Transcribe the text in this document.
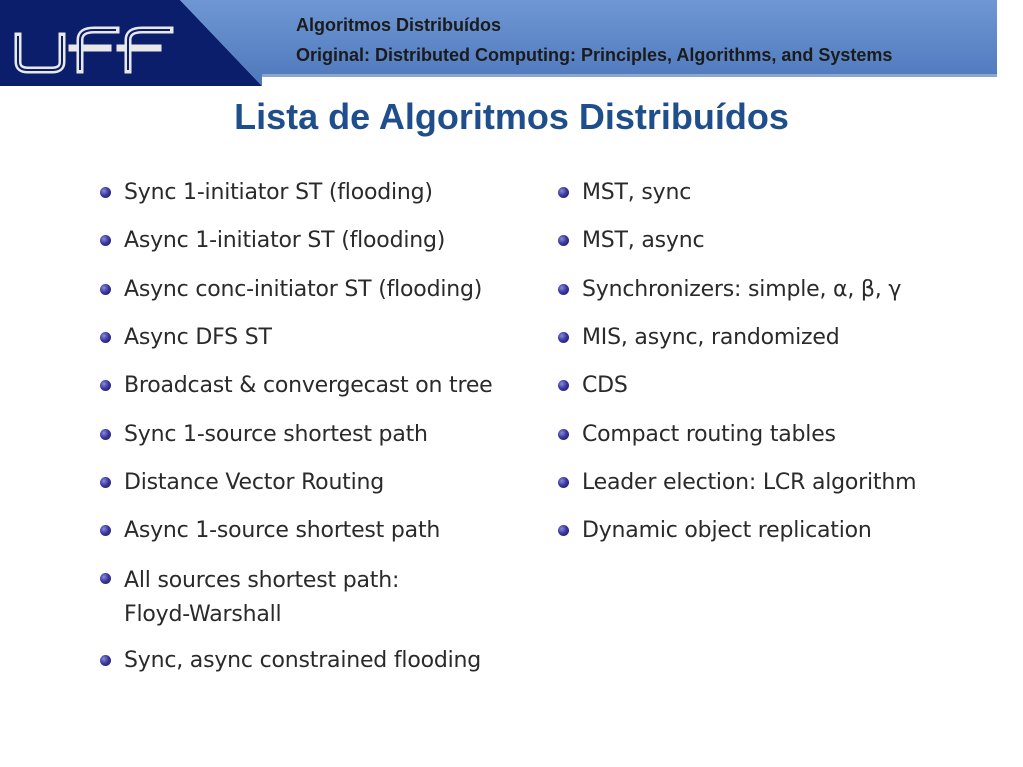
Algoritmos Distribuídos
Original: Distributed Computing: Principles, Algorithms, and Systems
Lista de Algoritmos Distribuídos
Sync 1-initiator ST (flooding)
Async 1-initiator ST (flooding)
Async conc-initiator ST (flooding)
Async DFS ST
Broadcast & convergecast on tree
Sync 1-source shortest path
Distance Vector Routing
Async 1-source shortest path
All sources shortest path:
Floyd-Warshall
Sync, async constrained flooding
MST, sync
MST, async
Synchronizers: simple, α, β, γ
MIS, async, randomized
CDS
Compact routing tables
Leader election: LCR algorithm
Dynamic object replication
